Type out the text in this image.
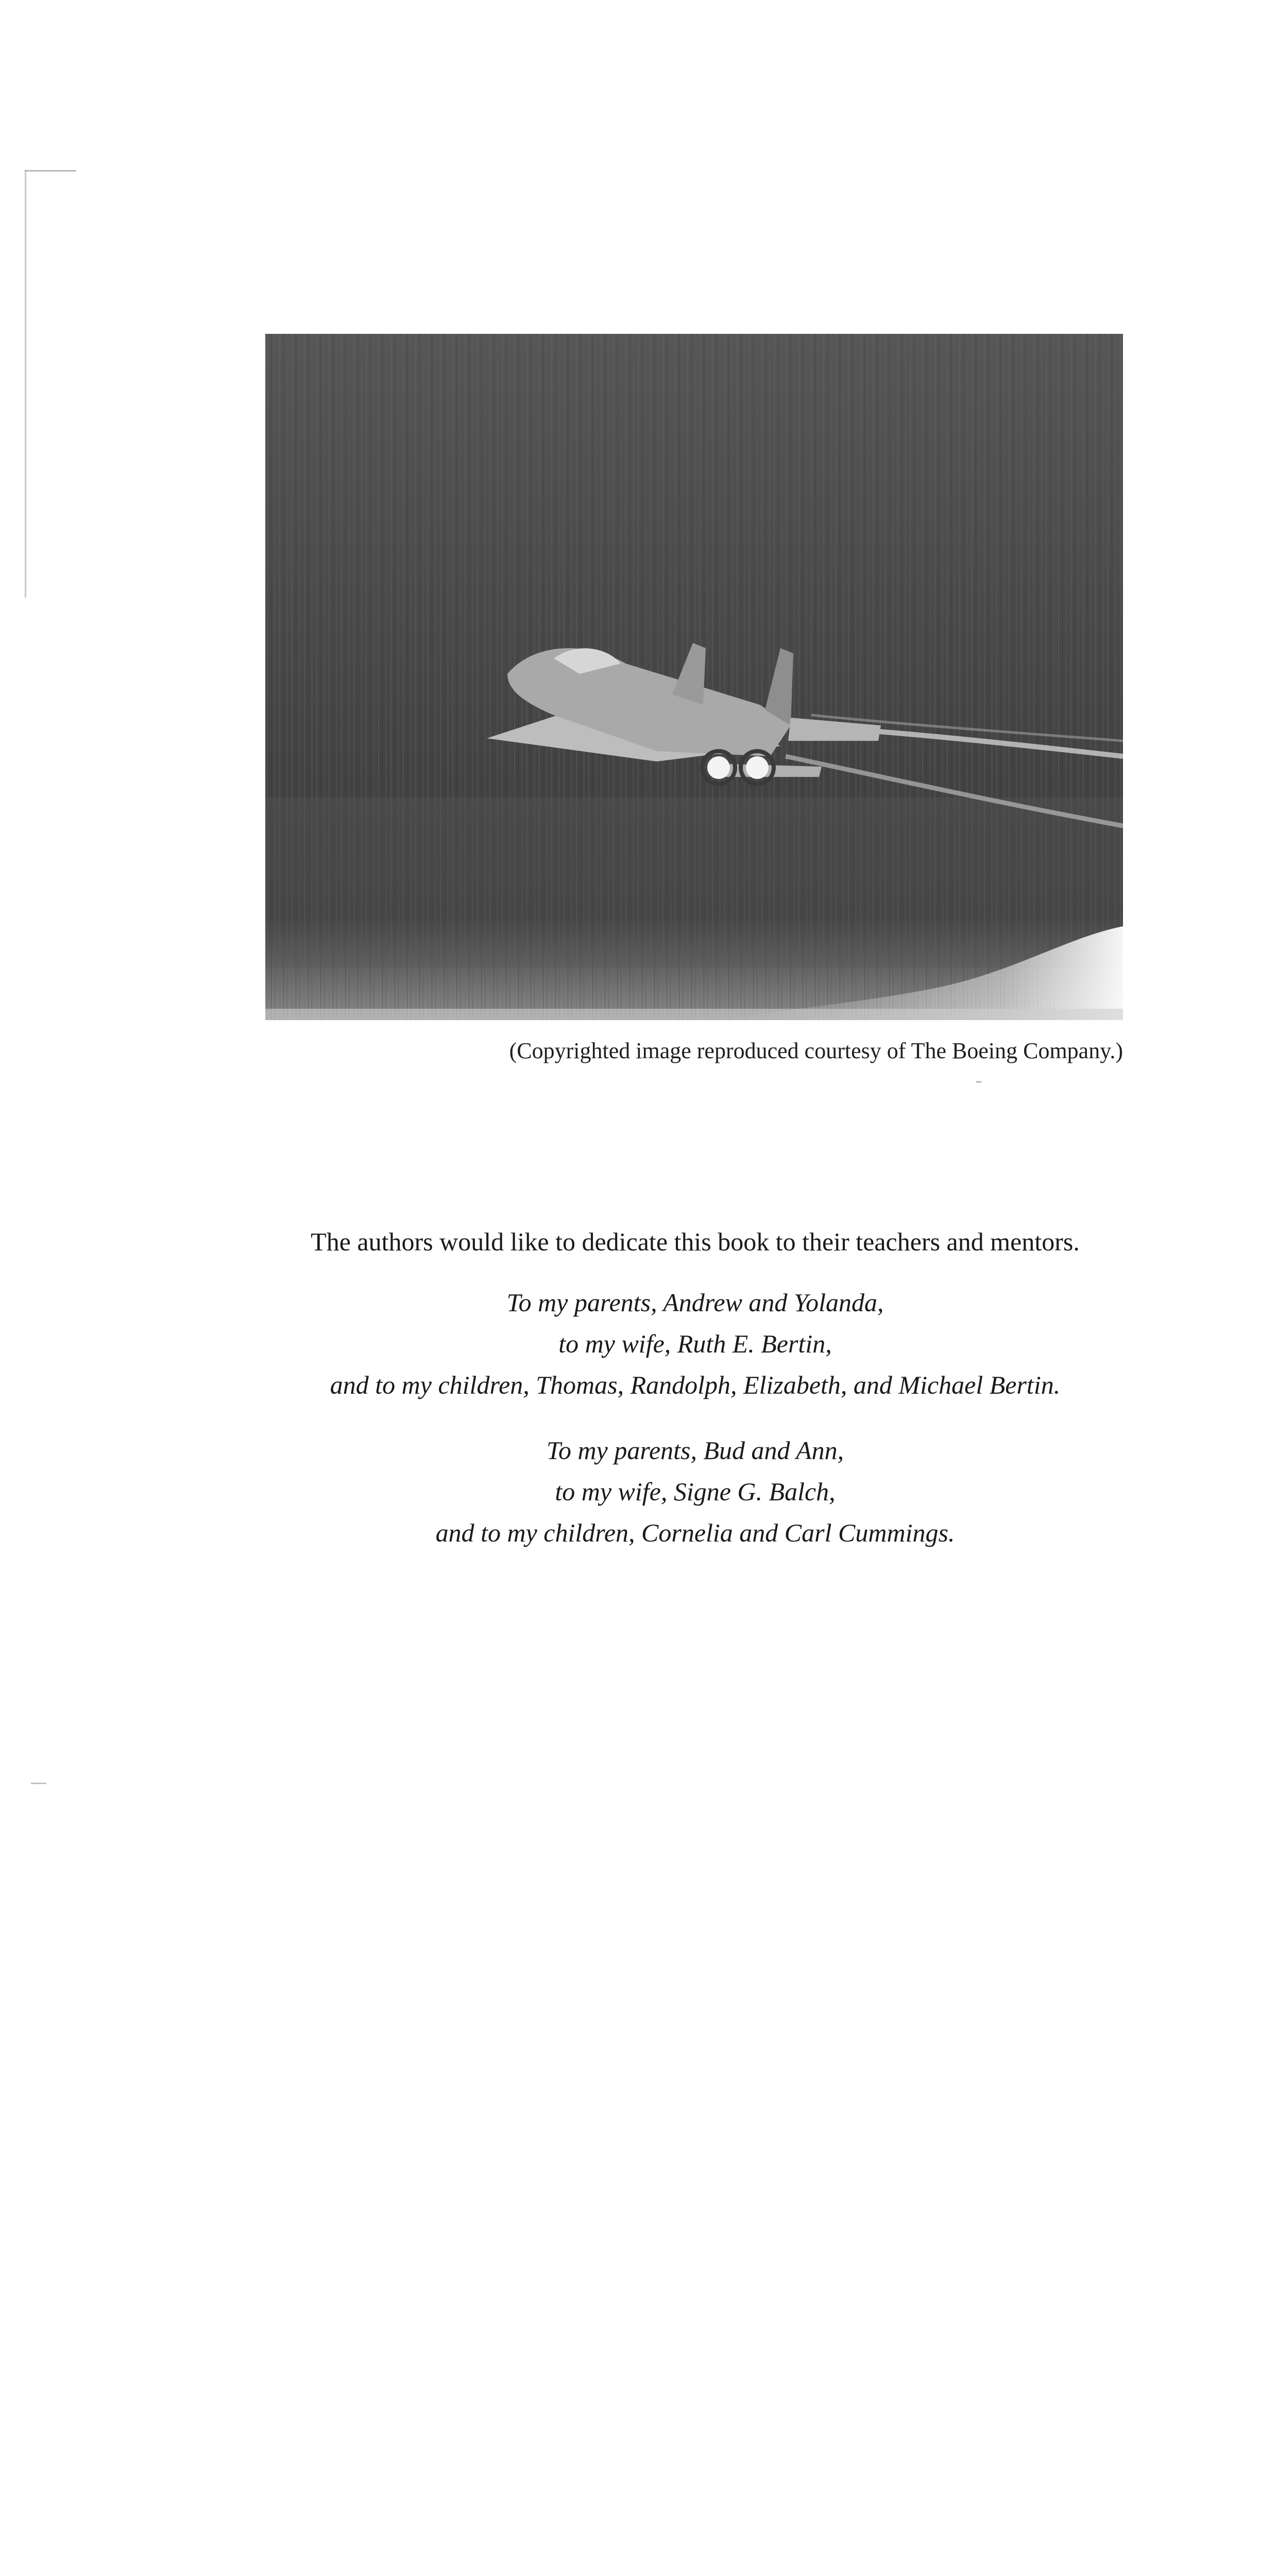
(Copyrighted image reproduced courtesy of The Boeing Company.)
The authors would like to dedicate this book to their teachers and mentors.
To my parents, Andrew and Yolanda,
to my wife, Ruth E. Bertin,
and to my children, Thomas, Randolph, Elizabeth, and Michael Bertin.
To my parents, Bud and Ann,
to my wife, Signe G. Balch,
and to my children, Cornelia and Carl Cummings.
